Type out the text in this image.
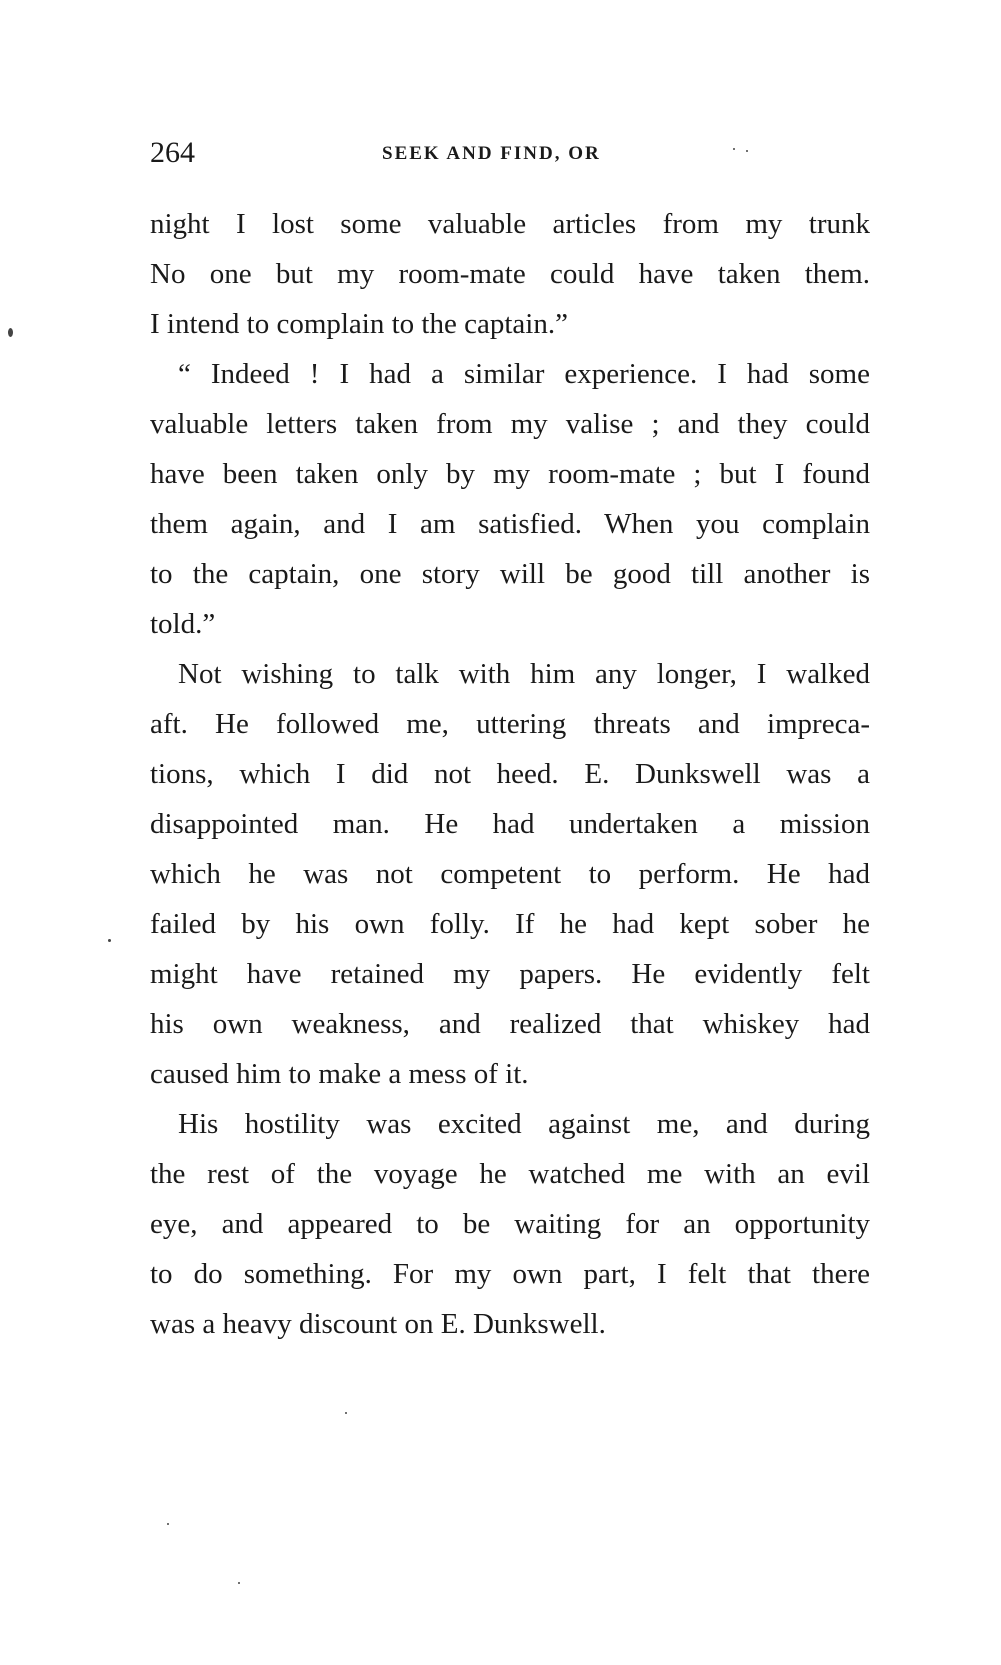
264	SEEK AND FIND, OR
night I lost some valuable articles from my trunk
No one but my room-mate could have taken them.
I intend to complain to the captain.”
“ Indeed ! I had a similar experience. I had some
valuable letters taken from my valise ; and they could
have been taken only by my room-mate ; but I found
them again, and I am satisfied. When you complain
to the captain, one story will be good till another is
told.”
Not wishing to talk with him any longer, I walked
aft. He followed me, uttering threats and impreca-
tions, which I did not heed. E. Dunkswell was a
disappointed man. He had undertaken a mission
which he was not competent to perform. He had
failed by his own folly. If he had kept sober he
might have retained my papers. He evidently felt
his own weakness, and realized that whiskey had
caused him to make a mess of it.
His hostility was excited against me, and during
the rest of the voyage he watched me with an evil
eye, and appeared to be waiting for an opportunity
to do something. For my own part, I felt that there
was a heavy discount on E. Dunkswell.
